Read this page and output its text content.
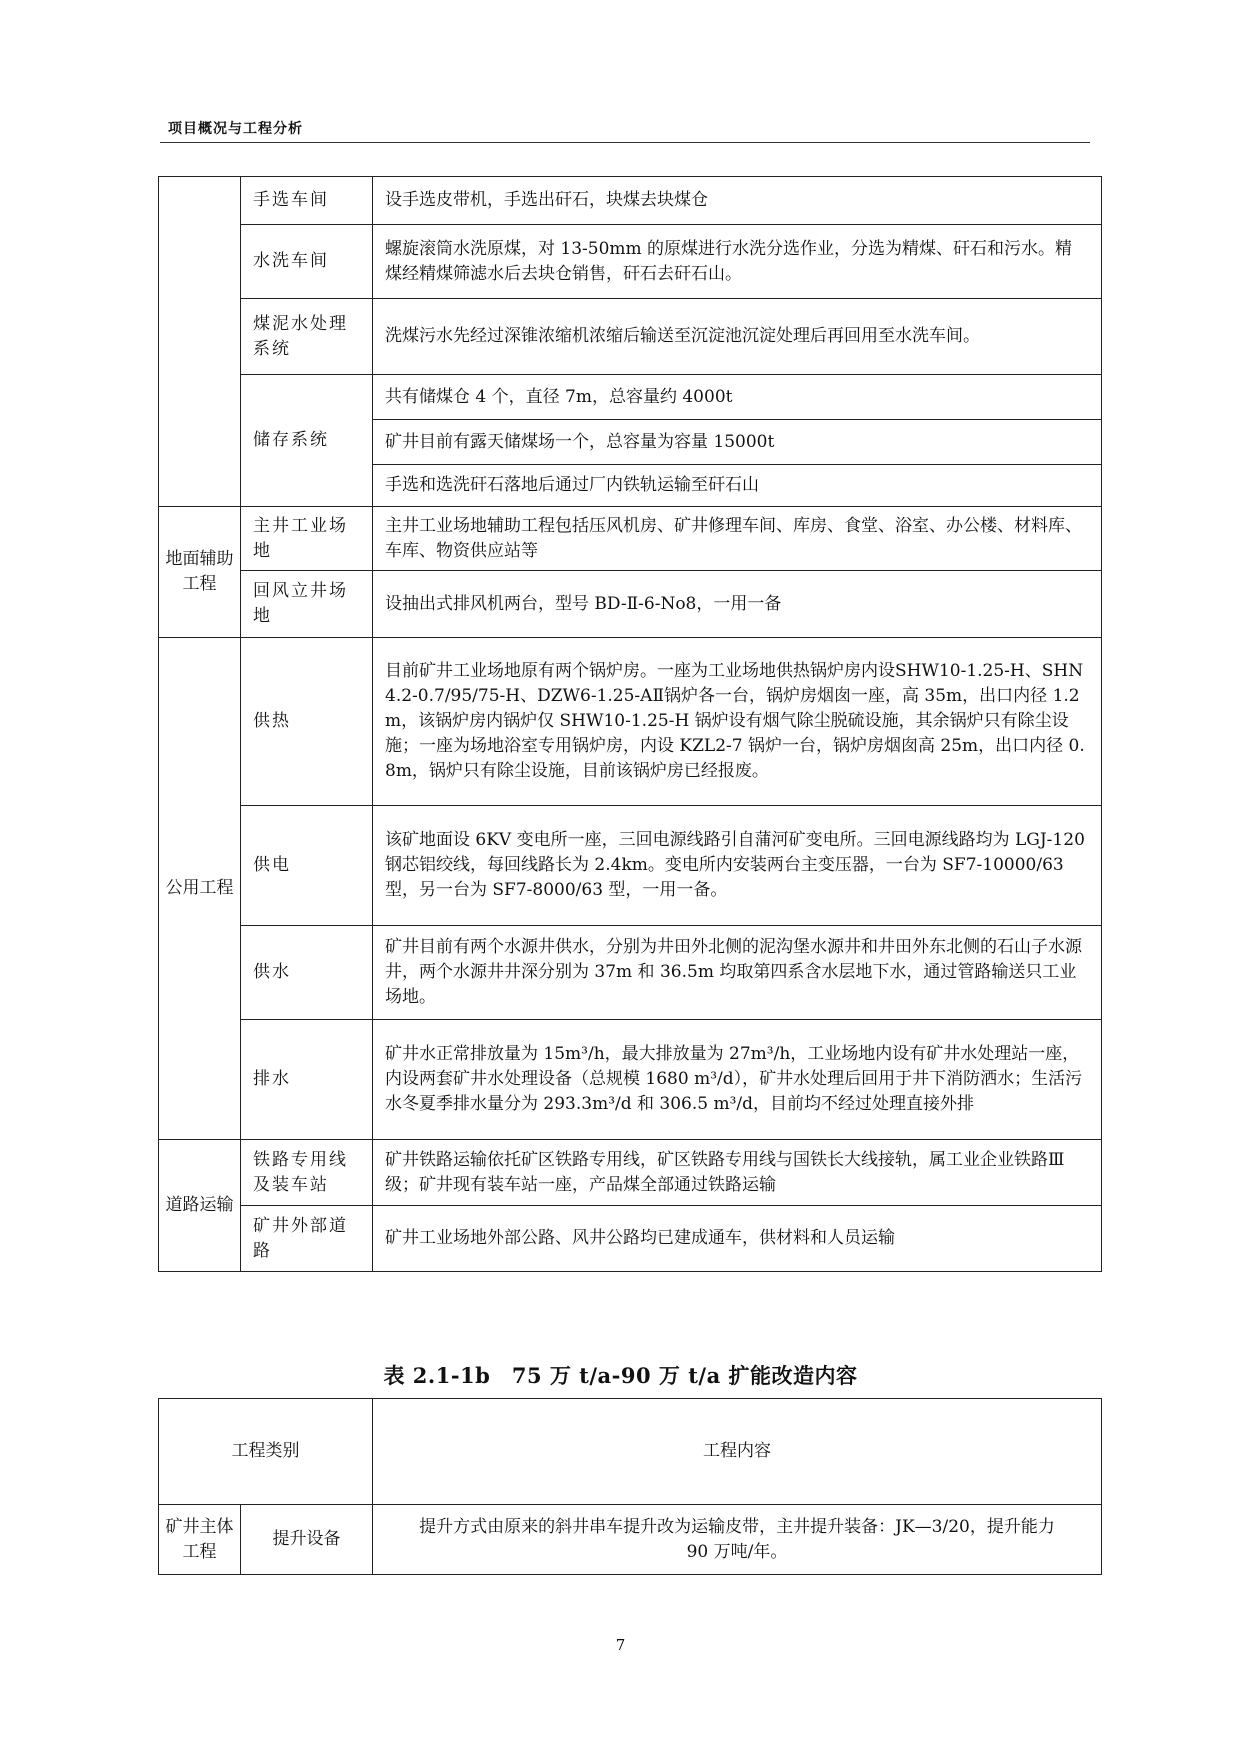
项目概况与工程分析
	手选车间	设手选皮带机，手选出矸石，块煤去块煤仓
	水洗车间	螺旋滚筒水洗原煤，对 13-50mm 的原煤进行水洗分选作业，分选为精煤、矸石和污水。精煤经精煤筛滤水后去块仓销售，矸石去矸石山。
	煤泥水处理系统	洗煤污水先经过深锥浓缩机浓缩后输送至沉淀池沉淀处理后再回用至水洗车间。
	储存系统	共有储煤仓 4 个，直径 7m，总容量约 4000t
		矿井目前有露天储煤场一个，总容量为容量 15000t
		手选和选洗矸石落地后通过厂内铁轨运输至矸石山
地面辅助工程	主井工业场地	主井工业场地辅助工程包括压风机房、矿井修理车间、库房、食堂、浴室、办公楼、材料库、车库、物资供应站等
	回风立井场地	设抽出式排风机两台，型号 BD-Ⅱ-6-No8，一用一备
公用工程	供热	目前矿井工业场地原有两个锅炉房。一座为工业场地供热锅炉房内设SHW10-1.25-H、SHN4.2-0.7/95/75-H、DZW6-1.25-AⅡ锅炉各一台，锅炉房烟囱一座，高 35m，出口内径 1.2m，该锅炉房内锅炉仅 SHW10-1.25-H 锅炉设有烟气除尘脱硫设施，其余锅炉只有除尘设施；一座为场地浴室专用锅炉房，内设 KZL2-7 锅炉一台，锅炉房烟囱高 25m，出口内径 0.8m，锅炉只有除尘设施，目前该锅炉房已经报废。
	供电	该矿地面设 6KV 变电所一座，三回电源线路引自蒲河矿变电所。三回电源线路均为 LGJ-120 钢芯铝绞线，每回线路长为 2.4km。变电所内安装两台主变压器，一台为 SF7-10000/63 型，另一台为 SF7-8000/63 型，一用一备。
	供水	矿井目前有两个水源井供水，分别为井田外北侧的泥沟堡水源井和井田外东北侧的石山子水源井，两个水源井井深分别为 37m 和 36.5m 均取第四系含水层地下水，通过管路输送只工业场地。
	排水	矿井水正常排放量为 15m³/h，最大排放量为 27m³/h，工业场地内设有矿井水处理站一座，内设两套矿井水处理设备（总规模 1680 m³/d），矿井水处理后回用于井下消防洒水；生活污水冬夏季排水量分为 293.3m³/d 和 306.5 m³/d，目前均不经过处理直接外排
道路运输	铁路专用线及装车站	矿井铁路运输依托矿区铁路专用线，矿区铁路专用线与国铁长大线接轨，属工业企业铁路Ⅲ级；矿井现有装车站一座，产品煤全部通过铁路运输
	矿井外部道路	矿井工业场地外部公路、风井公路均已建成通车，供材料和人员运输
表 2.1-1b　75 万 t/a-90 万 t/a 扩能改造内容
工程类别		工程内容
矿井主体工程	提升设备	提升方式由原来的斜井串车提升改为运输皮带，主井提升装备：JK—3/20，提升能力 90 万吨/年。
7
